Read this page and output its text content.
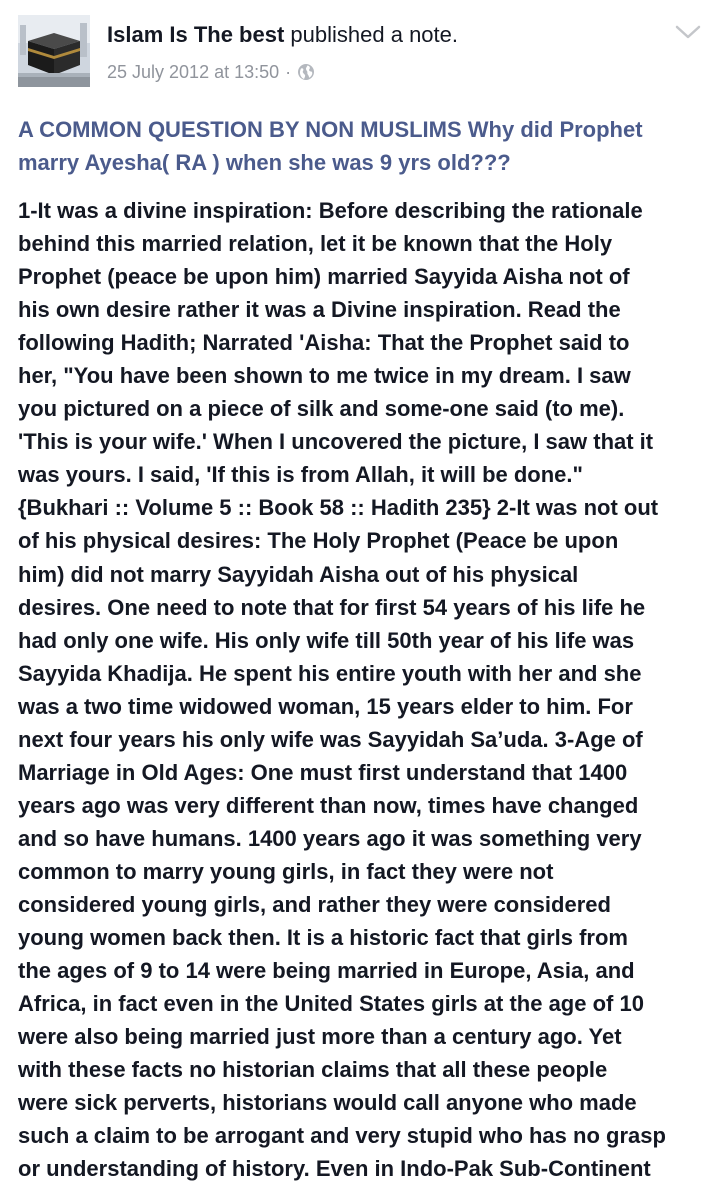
Islam Is The best published a note.
25 July 2012 at 13:50 ·
A COMMON QUESTION BY NON MUSLIMS Why did Prophet
marry Ayesha( RA ) when she was 9 yrs old???

1-It was a divine inspiration: Before describing the rationale
behind this married relation, let it be known that the Holy
Prophet (peace be upon him) married Sayyida Aisha not of
his own desire rather it was a Divine inspiration. Read the
following Hadith; Narrated 'Aisha: That the Prophet said to
her, "You have been shown to me twice in my dream. I saw
you pictured on a piece of silk and some-one said (to me).
'This is your wife.' When I uncovered the picture, I saw that it
was yours. I said, 'If this is from Allah, it will be done."
{Bukhari :: Volume 5 :: Book 58 :: Hadith 235} 2-It was not out
of his physical desires: The Holy Prophet (Peace be upon
him) did not marry Sayyidah Aisha out of his physical
desires. One need to note that for first 54 years of his life he
had only one wife. His only wife till 50th year of his life was
Sayyida Khadija. He spent his entire youth with her and she
was a two time widowed woman, 15 years elder to him. For
next four years his only wife was Sayyidah Sa’uda. 3-Age of
Marriage in Old Ages: One must first understand that 1400
years ago was very different than now, times have changed
and so have humans. 1400 years ago it was something very
common to marry young girls, in fact they were not
considered young girls, and rather they were considered
young women back then. It is a historic fact that girls from
the ages of 9 to 14 were being married in Europe, Asia, and
Africa, in fact even in the United States girls at the age of 10
were also being married just more than a century ago. Yet
with these facts no historian claims that all these people
were sick perverts, historians would call anyone who made
such a claim to be arrogant and very stupid who has no grasp
or understanding of history. Even in Indo-Pak Sub-Continent
